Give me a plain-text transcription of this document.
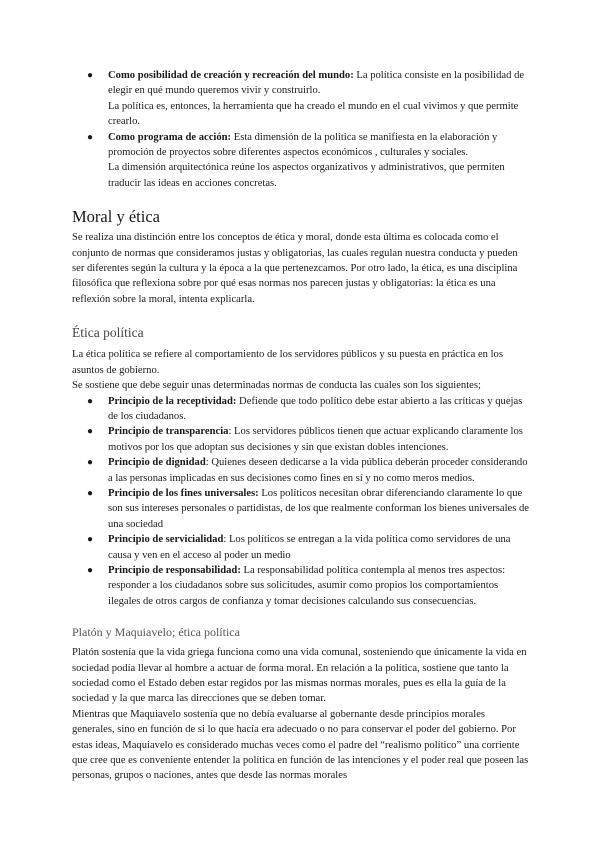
● Como posibilidad de creación y recreación del mundo: La política consiste en la posibilidad de elegir en qué mundo queremos vivir y construirlo.

La política es, entonces, la herramienta que ha creado el mundo en el cual vivimos y que permite crearlo.

● Como programa de acción: Esta dimensión de la política se manifiesta en la elaboración y promoción de proyectos sobre diferentes aspectos económicos , culturales y sociales.

La dimensión arquitectónica reúne los aspectos organizativos y administrativos, que permiten traducir las ideas en acciones concretas.

Moral y ética

Se realiza una distinción entre los conceptos de ética y moral, donde esta última es colocada como el conjunto de normas que consideramos justas y obligatorias, las cuales regulan nuestra conducta y pueden ser diferentes según la cultura y la época a la que pertenezcamos. Por otro lado, la ética, es una disciplina filosófica que reflexiona sobre por qué esas normas nos parecen justas y obligatorias: la ética es una reflexión sobre la moral, intenta explicarla.

Ética política

La ética política se refiere al comportamiento de los servidores públicos y su puesta en práctica en los asuntos de gobierno.

Se sostiene que debe seguir unas determinadas normas de conducta las cuales son los siguientes;

● Principio de la receptividad: Defiende que todo político debe estar abierto a las críticas y quejas de los ciudadanos.
● Principio de transparencia: Los servidores públicos tienen que actuar explicando claramente los motivos por los que adoptan sus decisiones y sin que existan dobles intenciones.
● Principio de dignidad: Quienes deseen dedicarse a la vida pública deberán proceder considerando a las personas implicadas en sus decisiones como fines en sí y no como meros medios.
● Principio de los fines universales: Los políticos necesitan obrar diferenciando claramente lo que son sus intereses personales o partidistas, de los que realmente conforman los bienes universales de una sociedad
● Principio de servicialidad: Los políticos se entregan a la vida política como servidores de una causa y ven en el acceso al poder un medio
● Principio de responsabilidad: La responsabilidad política contempla al menos tres aspectos: responder a los ciudadanos sobre sus solicitudes, asumir como propios los comportamientos ilegales de otros cargos de confianza y tomar decisiones calculando sus consecuencias.
Platón y Maquiavelo; ética política

Platón sostenía que la vida griega funciona como una vida comunal, sosteniendo que únicamente la vida en sociedad podía llevar al hombre a actuar de forma moral. En relación a la política, sostiene que tanto la sociedad como el Estado deben estar regidos por las mismas normas morales, pues es ella la guía de la sociedad y la que marca las direcciones que se deben tomar.

Mientras que Maquiavelo sostenía que no debía evaluarse al gobernante desde principios morales generales, sino en función de si lo que hacía era adecuado o no para conservar el poder del gobierno. Por estas ideas, Maquiavelo es considerado muchas veces como el padre del “realismo político” una corriente que cree que es conveniente entender la política en función de las intenciones y el poder real que poseen las personas, grupos o naciones, antes que desde las normas morales
